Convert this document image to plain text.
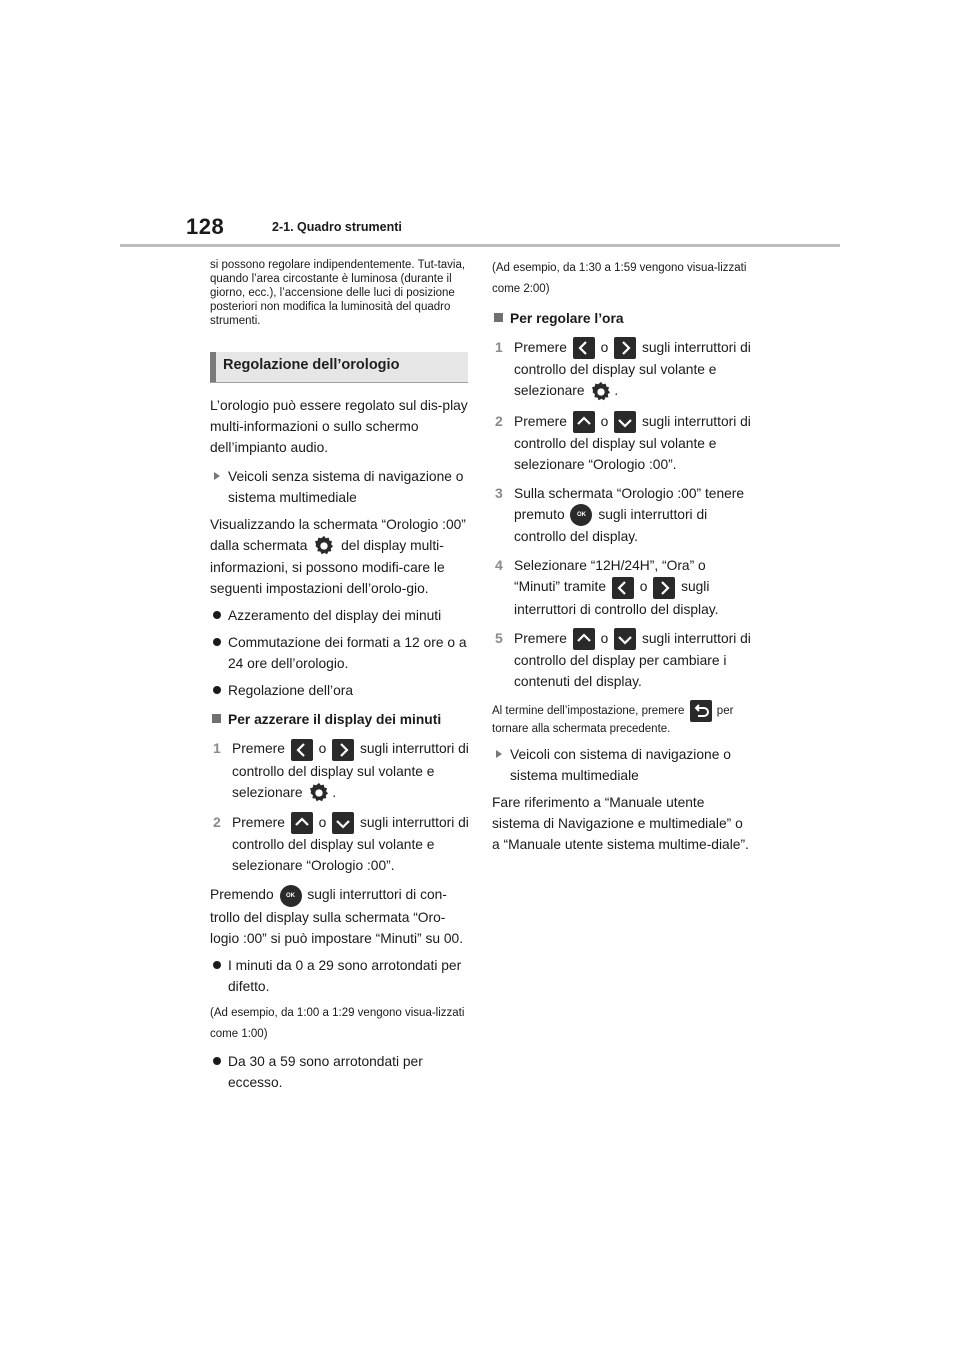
128	2-1. Quadro strumenti

si possono regolare indipendentemente. Tut-tavia, quando l’area circostante è luminosa (durante il giorno, ecc.), l’accensione delle luci di posizione posteriori non modifica la luminosità del quadro strumenti.

Regolazione dell’orologio

L’orologio può essere regolato sul dis-play multi-informazioni o sullo schermo dell’impianto audio.

Veicoli senza sistema di navigazione o sistema multimediale

Visualizzando la schermata “Orologio :00” dalla schermata del display multi-informazioni, si possono modifi-care le seguenti impostazioni dell’orolo-gio.

Azzeramento del display dei minuti

Commutazione dei formati a 12 ore o a 24 ore dell’orologio.

Regolazione dell’ora

Per azzerare il display dei minuti

1 Premere o sugli interruttori di controllo del display sul volante e selezionare .
2 Premere o sugli interruttori di controllo del display sul volante e selezionare “Orologio :00”.

Premendo OK sugli interruttori di con-trollo del display sulla schermata “Oro-logio :00” si può impostare “Minuti” su 00.

I minuti da 0 a 29 sono arrotondati per difetto.

(Ad esempio, da 1:00 a 1:29 vengono visua-lizzati come 1:00)

Da 30 a 59 sono arrotondati per eccesso.

(Ad esempio, da 1:30 a 1:59 vengono visua-lizzati come 2:00)

Per regolare l’ora

1 Premere o sugli interruttori di controllo del display sul volante e selezionare .
2 Premere o sugli interruttori di controllo del display sul volante e selezionare “Orologio :00”.
3 Sulla schermata “Orologio :00” tenere premuto OK sugli interruttori di controllo del display.
4 Selezionare “12H/24H”, “Ora” o “Minuti” tramite o sugli interruttori di controllo del display.
5 Premere o sugli interruttori di controllo del display per cambiare i contenuti del display.

Al termine dell’impostazione, premere	per tornare alla schermata precedente.

Veicoli con sistema di navigazione o sistema multimediale

Fare riferimento a “Manuale utente sistema di Navigazione e multimediale” o a “Manuale utente sistema multime-diale”.
